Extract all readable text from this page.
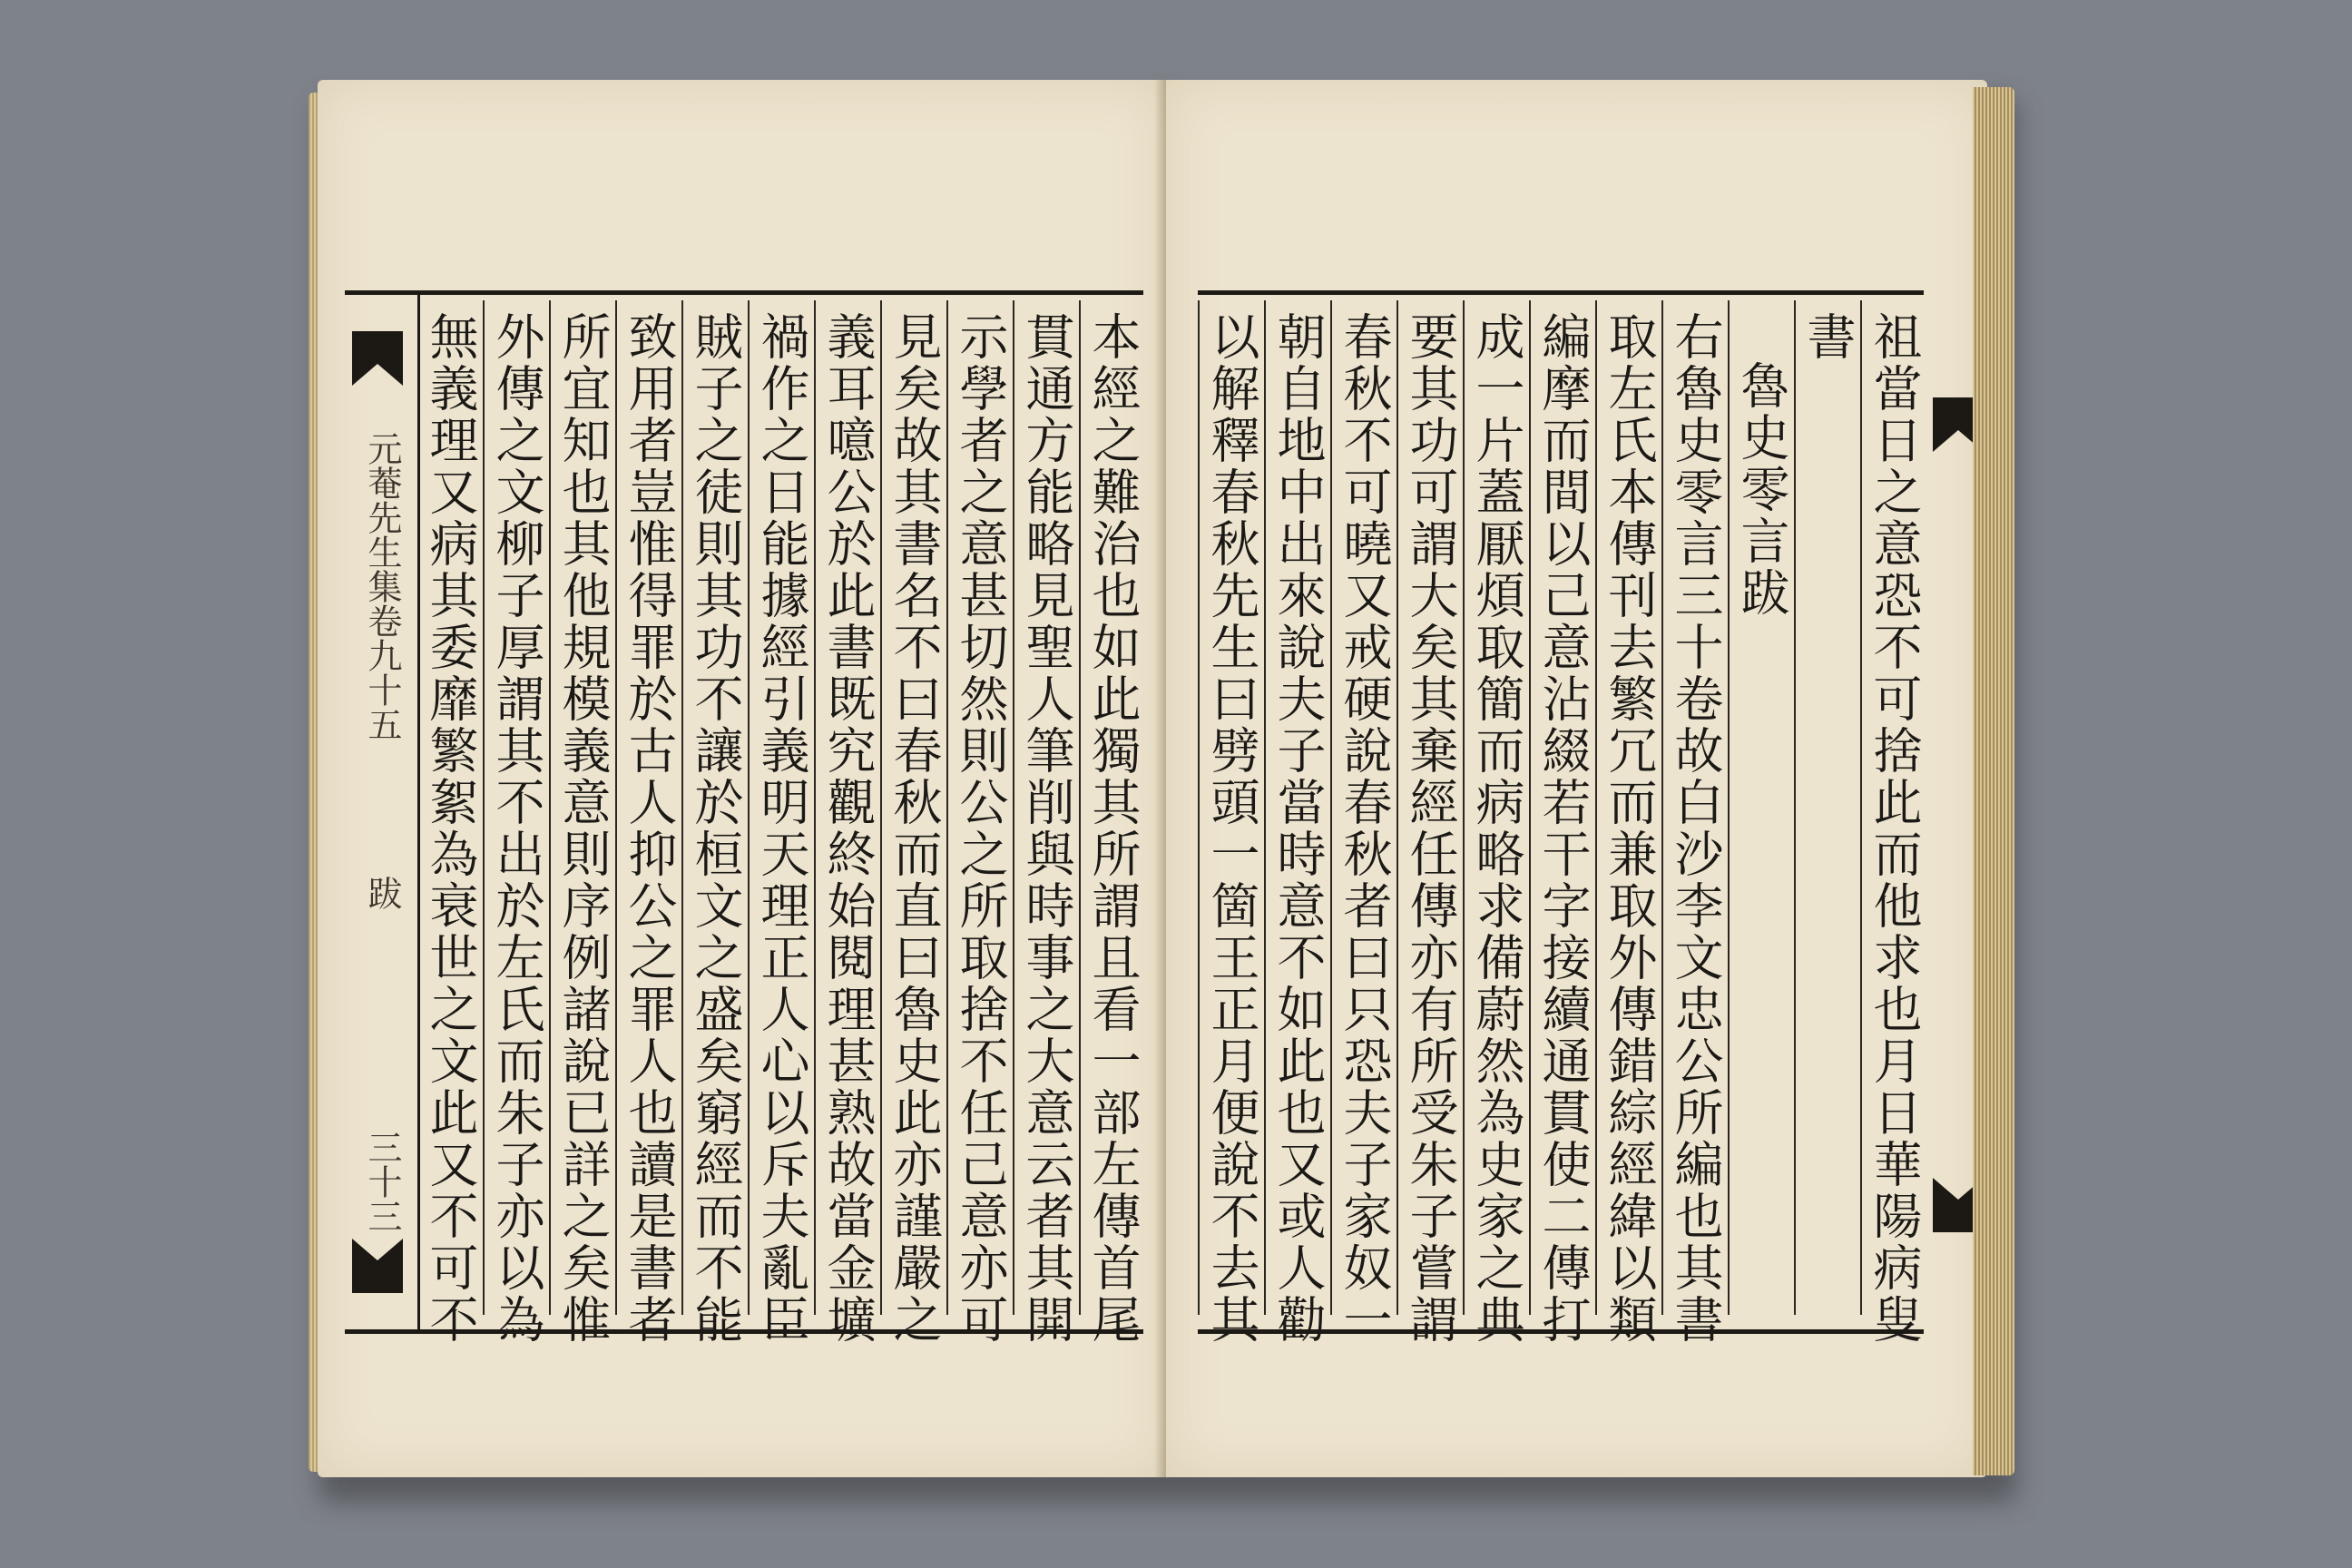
元菴先生集卷九十五
跋
三十三	本經之難治也如此獨其所謂且看一部左傳首尾
貫通方能略見聖人筆削與時事之大意云者其開
示學者之意甚切然則公之所取捨不任己意亦可
見矣故其書名不曰春秋而直曰魯史此亦謹嚴之
義耳噫公於此書既究觀終始閱理甚熟故當金壙
禍作之日能據經引義明天理正人心以斥夫亂臣
賊子之徒則其功不讓於桓文之盛矣窮經而不能
致用者豈惟得罪於古人抑公之罪人也讀是書者
所宜知也其他規模義意則序例諸說已詳之矣惟
外傳之文柳子厚謂其不出於左氏而朱子亦以為
無義理又病其委靡繁絮為衰世之文此又不可不	祖當日之意恐不可捨此而他求也月日華陽病叟
書
魯史零言跋
右魯史零言三十卷故白沙李文忠公所編也其書
取左氏本傳刊去繁冗而兼取外傳錯綜經緯以類
編摩而間以己意沾綴若干字接續通貫使二傳打
成一片蓋厭煩取簡而病略求備蔚然為史家之典
要其功可謂大矣其棄經任傳亦有所受朱子嘗謂
春秋不可曉又戒硬說春秋者曰只恐夫子家奴一
朝自地中出來說夫子當時意不如此也又或人勸
以解釋春秋先生曰劈頭一箇王正月便說不去其
